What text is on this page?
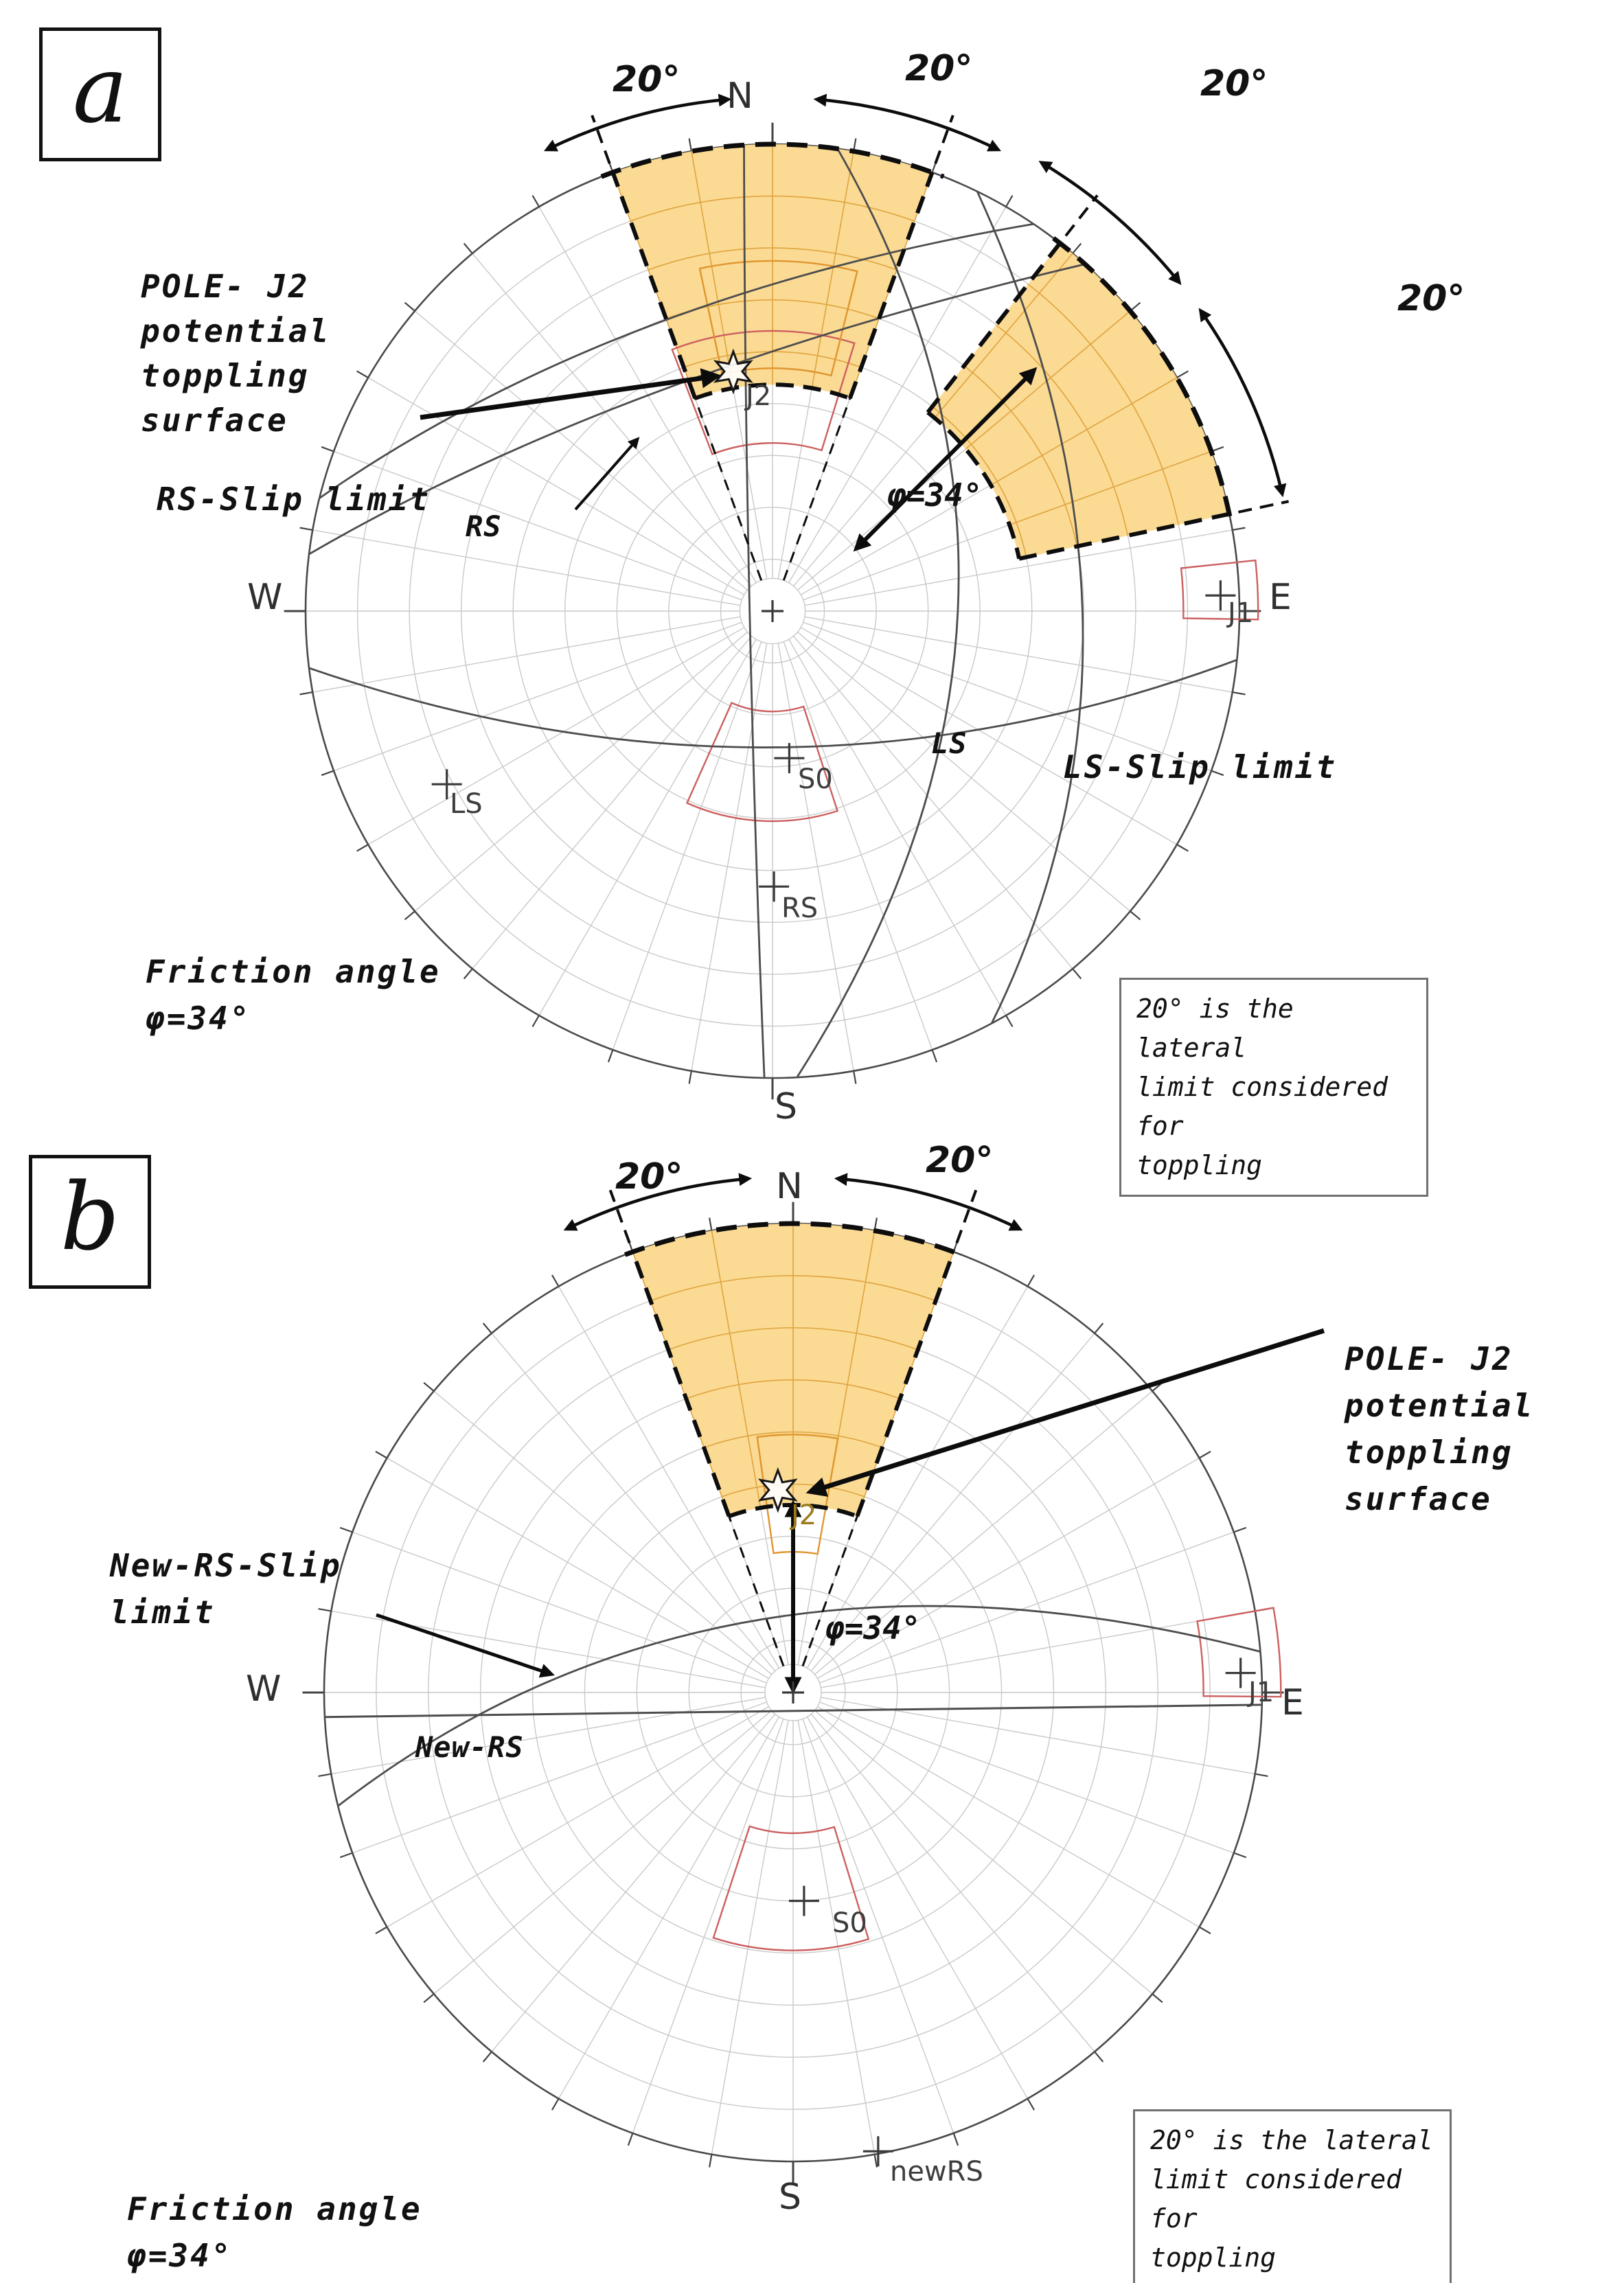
POLE- J2
potential
toppling
surface
RS-Slip limit
RS
LS
LS-Slip limit
Friction angle
φ=34°
20°	20°	20°
20°
φ=34°
N
E
W
S
J2
S0
LS
RS
J1
POLE- J2
potential
toppling
surface
New-RS-Slip
limit
New-RS
φ=34°
20°	20°
N
E
W
S
J2
S0
J1
newRS
Friction angle
φ=34°
a
b
20° is the lateral
limit considered for
toppling
20° is the lateral
limit considered for
toppling
